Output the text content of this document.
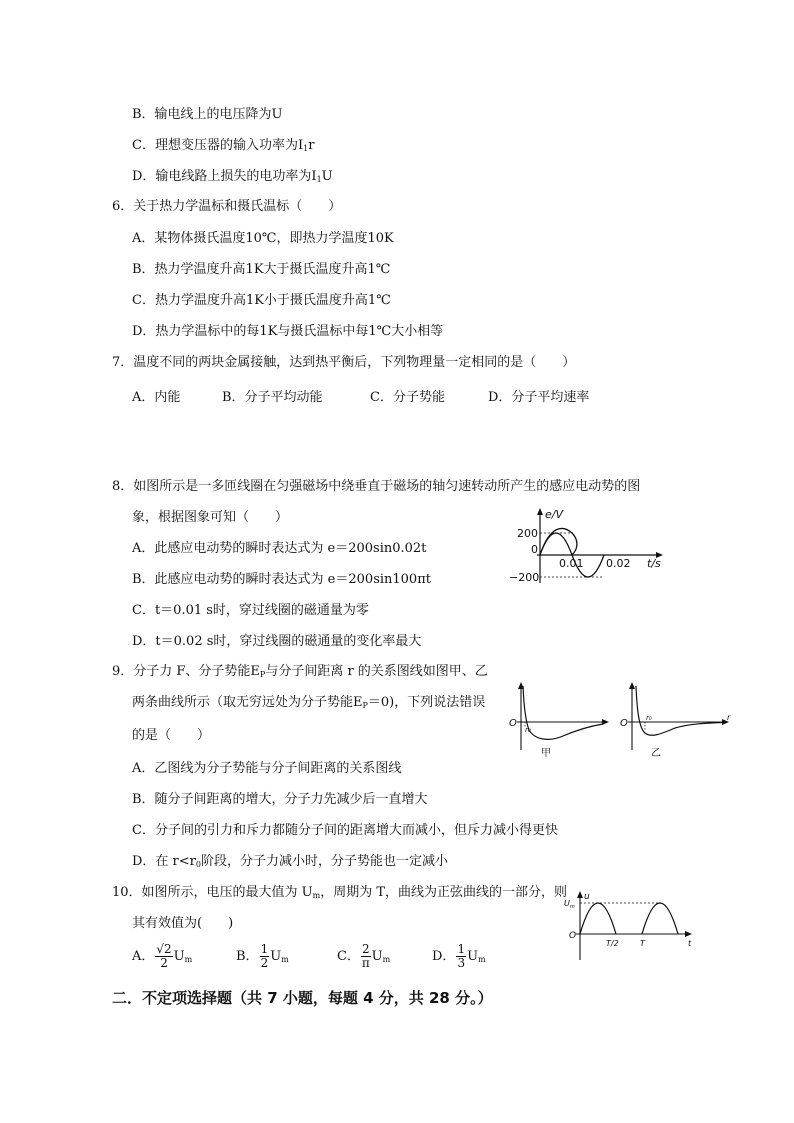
B．输电线上的电压降为U
C．理想变压器的输入功率为$I_1r$
D．输电线路上损失的电功率为$I_1U$
6．关于热力学温标和摄氏温标（　　）
A．某物体摄氏温度10℃，即热力学温度10K
B．热力学温度升高1K大于摄氏温度升高1℃
C．热力学温度升高1K小于摄氏温度升高1℃
D．热力学温标中的每1K与摄氏温标中每1℃大小相等
7．温度不同的两块金属接触，达到热平衡后，下列物理量一定相同的是（　　）
A．内能	B．分子平均动能	C．分子势能	D．分子平均速率
8．如图所示是一多匝线圈在匀强磁场中绕垂直于磁场的轴匀速转动所产生的感应电动势的图
象，根据图象可知（　　）
A．此感应电动势的瞬时表达式为 e＝200sin0.02t
B．此感应电动势的瞬时表达式为 e＝200sin100πt
C．t＝0.01 s时，穿过线圈的磁通量为零
D．t＝0.02 s时，穿过线圈的磁通量的变化率最大
e/V
200
−200
0
0.01 0.02 t/s
9．分子力 F、分子势能$E_P$与分子间距离 r 的关系图线如图甲、乙
两条曲线所示（取无穷远处为分子势能$E_P=0$)，下列说法错误
的是（　　）
A．乙图线为分子势能与分子间距离的关系图线
B．随分子间距离的增大，分子力先减少后一直增大
C．分子间的引力和斥力都随分子间的距离增大而减小，但斥力减小得更快
D．在 $r<r_0$阶段，分子力减小时，分子势能也一定减小
O
r₀
甲
O	r₀
乙
r
10．如图所示，电压的最大值为 $U_m$，周期为 T，曲线为正弦曲线的一部分，则
其有效值为(　　)
A． $\frac{√2}{2} U_m$	B． $\frac{1}{2} U_m$	C． $\frac{2}{\pi} U_m$	D． $\frac{1}{3} U_m$
u
$U_m$
O
T/2	T	t
二．不定项选择题（共 7 小题，每题 4 分，共 28 分。）
